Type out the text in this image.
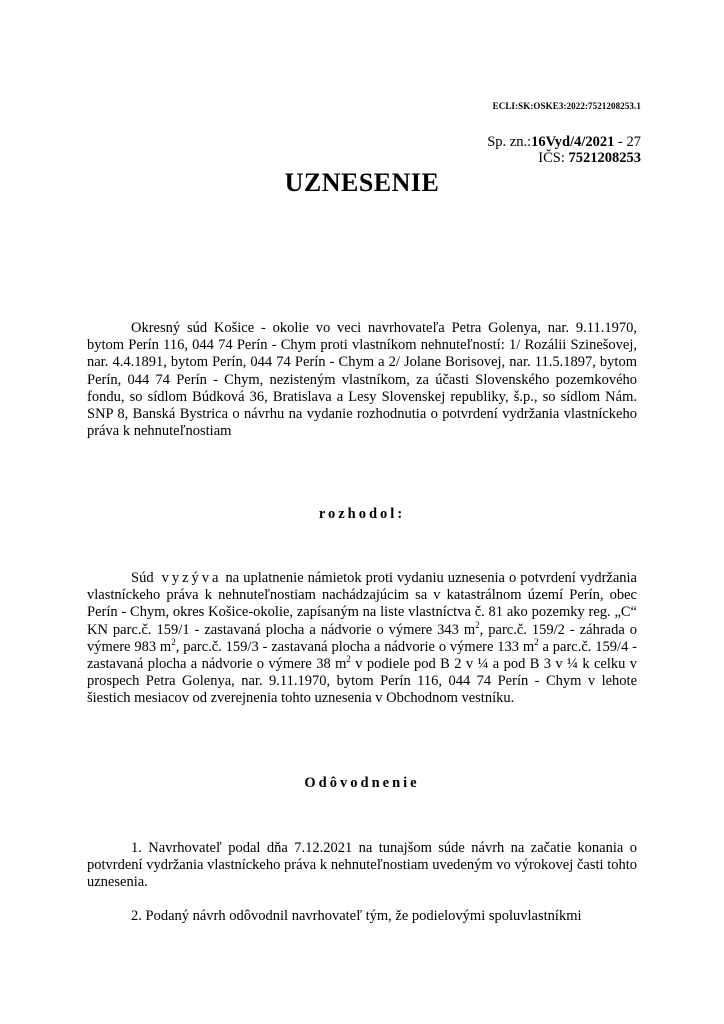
ECLI:SK:OSKE3:2022:7521208253.1
Sp. zn.:16Vyd/4/2021 - 27
IČS: 7521208253
UZNESENIE
Okresný súd Košice - okolie vo veci navrhovateľa Petra Golenya, nar. 9.11.1970, bytom Perín 116, 044 74 Perín - Chym proti vlastníkom nehnuteľností: 1/ Rozálii Szinešovej, nar. 4.4.1891, bytom Perín, 044 74 Perín - Chym a 2/ Jolane Borisovej, nar. 11.5.1897, bytom Perín, 044 74 Perín - Chym, nezisteným vlastníkom, za účasti Slovenského pozemkového fondu, so sídlom Búdková 36, Bratislava a Lesy Slovenskej republiky, š.p., so sídlom Nám. SNP 8, Banská Bystrica o návrhu na vydanie rozhodnutia o potvrdení vydržania vlastníckeho práva k nehnuteľnostiam
rozhodol:
Súd vyzýva na uplatnenie námietok proti vydaniu uznesenia o potvrdení vydržania vlastníckeho práva k nehnuteľnostiam nachádzajúcim sa v katastrálnom území Perín, obec Perín - Chym, okres Košice-okolie, zapísaným na liste vlastníctva č. 81 ako pozemky reg. „C“ KN parc.č. 159/1 - zastavaná plocha a nádvorie o výmere 343 $m^2$, parc.č. 159/2 - záhrada o výmere 983 $m^2$, parc.č. 159/3 - zastavaná plocha a nádvorie o výmere 133 $m^2$ a parc.č. 159/4 - zastavaná plocha a nádvorie o výmere 38 $m^2$ v podiele pod B 2 v ¼ a pod B 3 v ¼ k celku v prospech Petra Golenya, nar. 9.11.1970, bytom Perín 116, 044 74 Perín - Chym v lehote šiestich mesiacov od zverejnenia tohto uznesenia v Obchodnom vestníku.
Odôvodnenie
1. Navrhovateľ podal dňa 7.12.2021 na tunajšom súde návrh na začatie konania o potvrdení vydržania vlastníckeho práva k nehnuteľnostiam uvedeným vo výrokovej časti tohto uznesenia.
2. Podaný návrh odôvodnil navrhovateľ tým, že podielovými spoluvlastníkmi
